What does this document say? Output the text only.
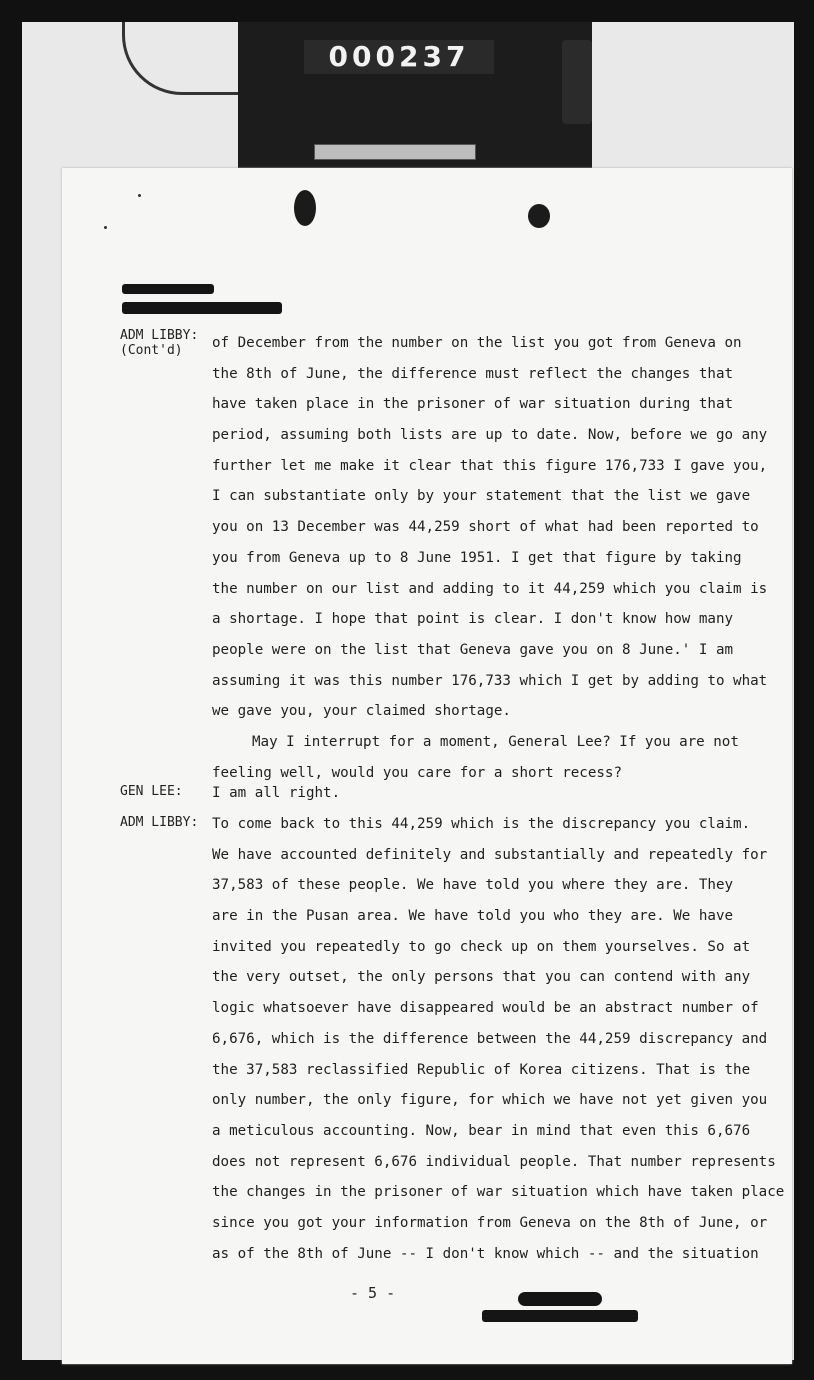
000237
ADM LIBBY:
(Cont'd) of December from the number on the list you got from Geneva on
the 8th of June, the difference must reflect the changes that
have taken place in the prisoner of war situation during that
period, assuming both lists are up to date. Now, before we go any
further let me make it clear that this figure 176,733 I gave you,
I can substantiate only by your statement that the list we gave
you on 13 December was 44,259 short of what had been reported to
you from Geneva up to 8 June 1951. I get that figure by taking
the number on our list and adding to it 44,259 which you claim is
a shortage. I hope that point is clear. I don't know how many
people were on the list that Geneva gave you on 8 June.' I am
assuming it was this number 176,733 which I get by adding to what
we gave you, your claimed shortage.
May I interrupt for a moment, General Lee? If you are not
feeling well, would you care for a short recess?
GEN LEE: I am all right.
ADM LIBBY: To come back to this 44,259 which is the discrepancy you claim.
We have accounted definitely and substantially and repeatedly for
37,583 of these people. We have told you where they are. They
are in the Pusan area. We have told you who they are. We have
invited you repeatedly to go check up on them yourselves. So at
the very outset, the only persons that you can contend with any
logic whatsoever have disappeared would be an abstract number of
6,676, which is the difference between the 44,259 discrepancy and
the 37,583 reclassified Republic of Korea citizens. That is the
only number, the only figure, for which we have not yet given you
a meticulous accounting. Now, bear in mind that even this 6,676
does not represent 6,676 individual people. That number represents
the changes in the prisoner of war situation which have taken place
since you got your information from Geneva on the 8th of June, or
as of the 8th of June -- I don't know which -- and the situation
- 5 -
